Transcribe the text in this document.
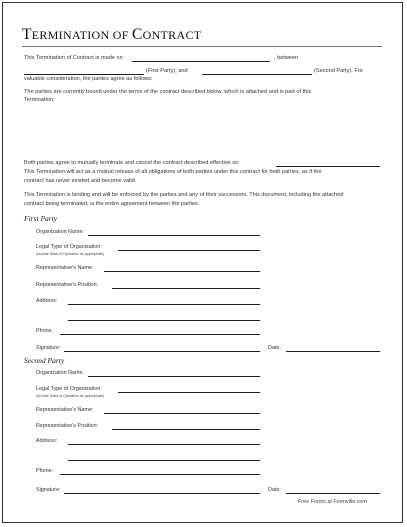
TERMINATION OF CONTRACT
This Termination of Contract is made on	, between
(First Party), and	(Second Party). For
valuable consideration, the parties agree as follows:
The parties are currently bound under the terms of the contract described below, which is attached and is part of this
Termination:
Both parties agree to mutually terminate and cancel the contract described effective on
This Termination will act as a mutual release of all obligations of both parties under this contract for both parties, as if the
contract has never existed and become valid.
This Termination is binding and will be enforced by the parties and any of their successors. This document, including the attached
contract being terminated, is the entire agreement between the parties.
First Party
Organization Name:
Legal Type of Organization:
(Include State of Operation as appropriate)
Representative's Name:
Representative's Position:
Address:
Phone:
Signature:	Date:
Second Party
Organization Name:
Legal Type of Organization:
(Include State of Operation as appropriate)
Representative's Name:
Representative's Position:
Address:
Phone:
Signature:	Date:
Free Forms at Formville.com
